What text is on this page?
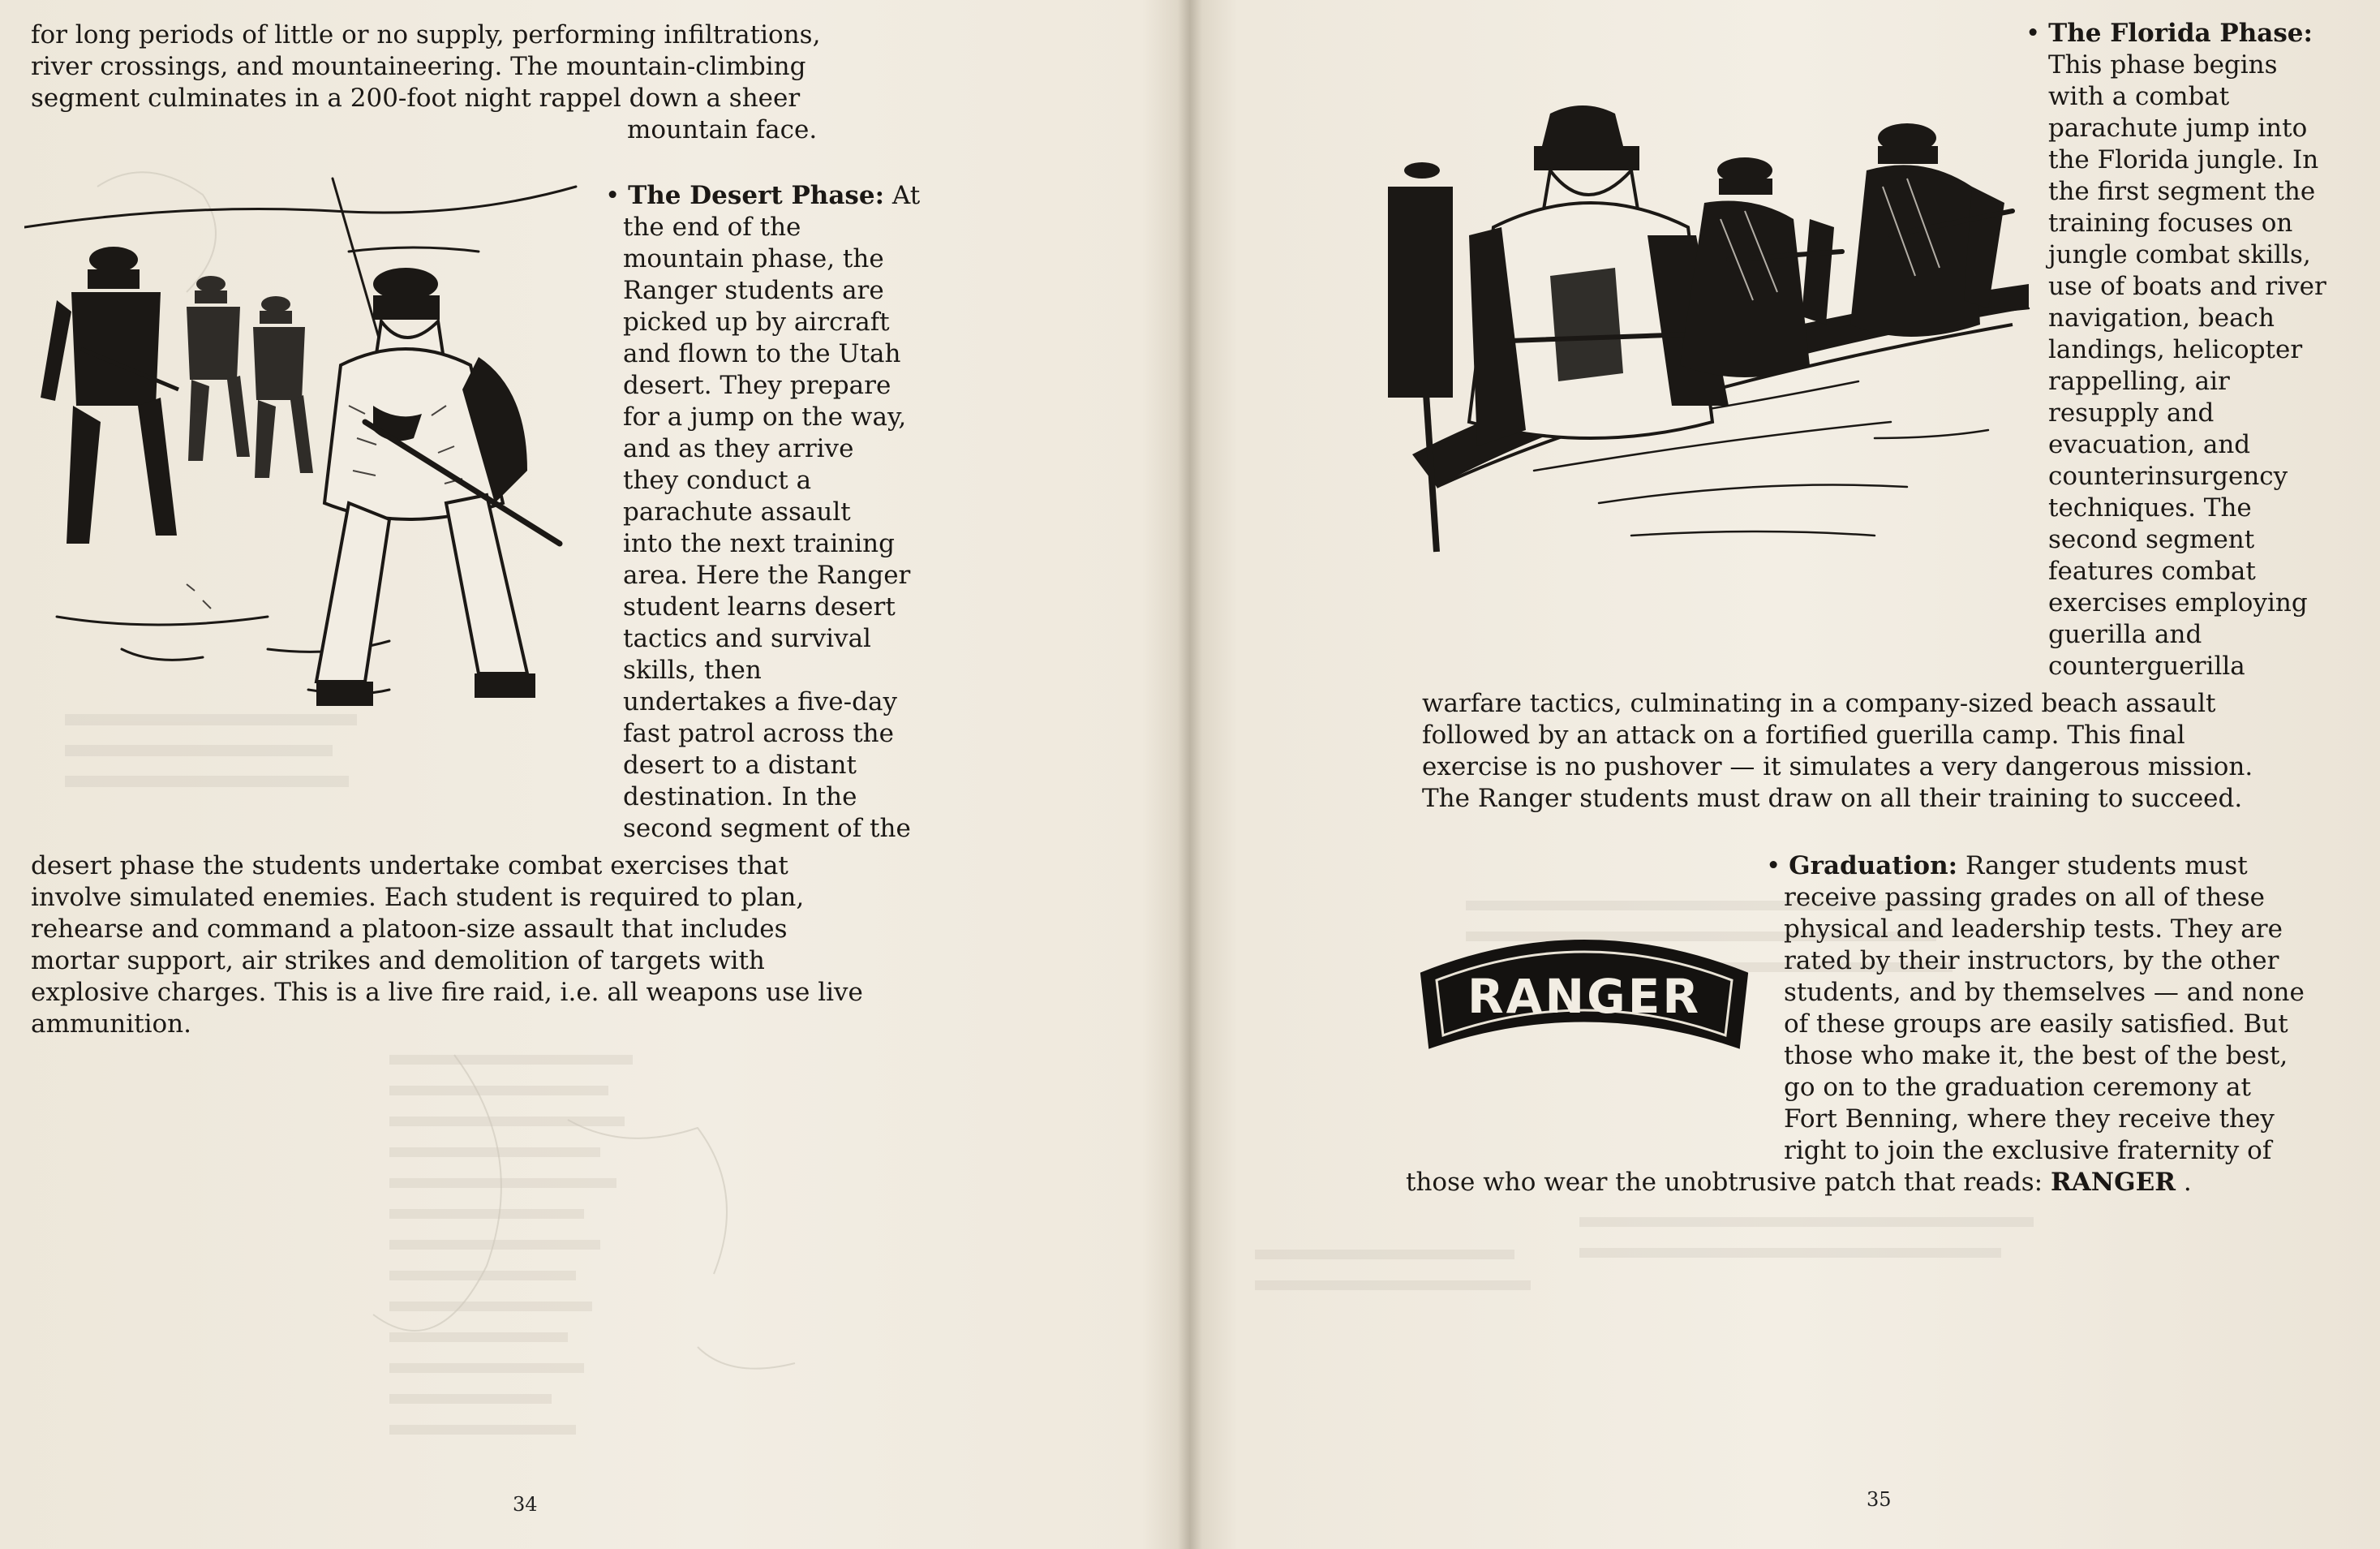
for long periods of little or no supply, performing infiltrations,

river crossings, and mountaineering. The mountain-climbing

segment culminates in a 200-foot night rappel down a sheer

mountain face.

• The Desert Phase: At

the end of the

mountain phase, the

Ranger students are

picked up by aircraft

and flown to the Utah

desert. They prepare

for a jump on the way,

and as they arrive

they conduct a

parachute assault

into the next training

area. Here the Ranger

student learns desert

tactics and survival

skills, then

undertakes a five-day

fast patrol across the

desert to a distant

destination. In the

second segment of the

desert phase the students undertake combat exercises that

involve simulated enemies. Each student is required to plan,

rehearse and command a platoon-size assault that includes

mortar support, air strikes and demolition of targets with

explosive charges. This is a live fire raid, i.e. all weapons use live

ammunition.

34

• The Florida Phase:

This phase begins

with a combat

parachute jump into

the Florida jungle. In

the first segment the

training focuses on

jungle combat skills,

use of boats and river

navigation, beach

landings, helicopter

rappelling, air

resupply and

evacuation, and

counterinsurgency

techniques. The

second segment

features combat

exercises employing

guerilla and

counterguerilla

warfare tactics, culminating in a company-sized beach assault

followed by an attack on a fortified guerilla camp. This final

exercise is no pushover — it simulates a very dangerous mission.

The Ranger students must draw on all their training to succeed.

• Graduation: Ranger students must

receive passing grades on all of these

physical and leadership tests. They are

rated by their instructors, by the other

students, and by themselves — and none

of these groups are easily satisfied. But

those who make it, the best of the best,

go on to the graduation ceremony at

Fort Benning, where they receive they

right to join the exclusive fraternity of

those who wear the unobtrusive patch that reads: RANGER .

RANGER
35
